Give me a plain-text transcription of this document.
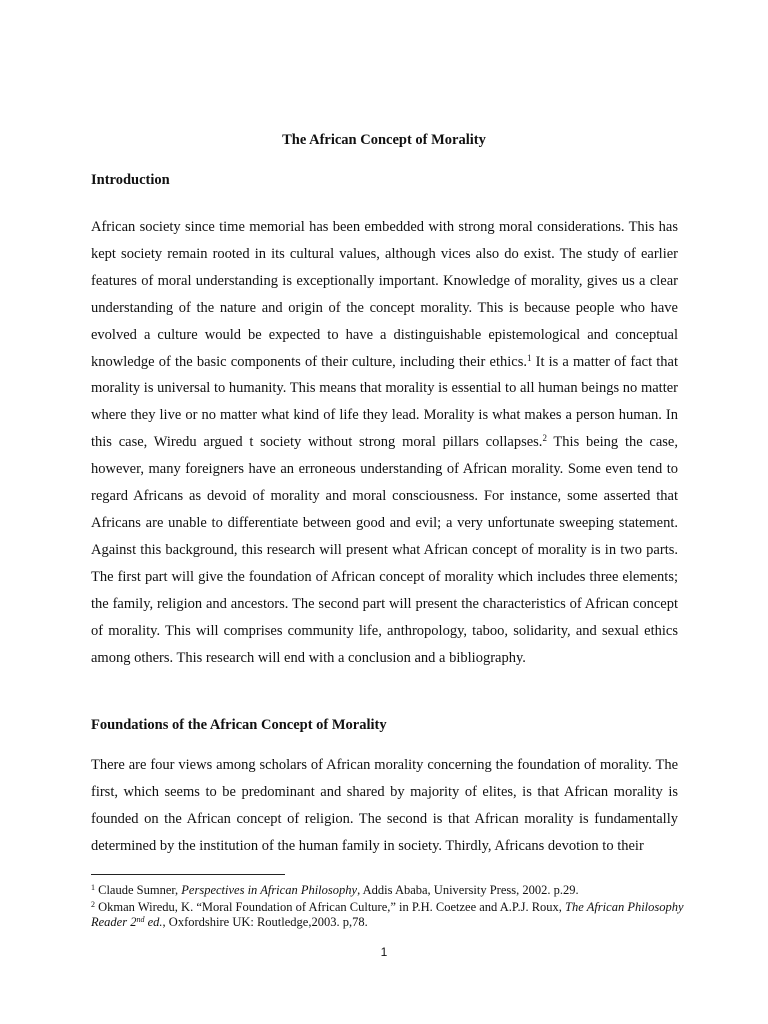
The African Concept of Morality
Introduction

African society since time memorial has been embedded with strong moral considerations. This has kept society remain rooted in its cultural values, although vices also do exist. The study of earlier features of moral understanding is exceptionally important. Knowledge of morality, gives us a clear understanding of the nature and origin of the concept morality. This is because people who have evolved a culture would be expected to have a distinguishable epistemological and conceptual knowledge of the basic components of their culture, including their ethics.$^1$ It is a matter of fact that morality is universal to humanity. This means that morality is essential to all human beings no matter where they live or no matter what kind of life they lead. Morality is what makes a person human. In this case, Wiredu argued t society without strong moral pillars collapses.$^2$ This being the case, however, many foreigners have an erroneous understanding of African morality. Some even tend to regard Africans as devoid of morality and moral consciousness. For instance, some asserted that Africans are unable to differentiate between good and evil; a very unfortunate sweeping statement. Against this background, this research will present what African concept of morality is in two parts. The first part will give the foundation of African concept of morality which includes three elements; the family, religion and ancestors. The second part will present the characteristics of African concept of morality. This will comprises community life, anthropology, taboo, solidarity, and sexual ethics among others. This research will end with a conclusion and a bibliography.

Foundations of the African Concept of Morality

There are four views among scholars of African morality concerning the foundation of morality. The first, which seems to be predominant and shared by majority of elites, is that African morality is founded on the African concept of religion. The second is that African morality is fundamentally determined by the institution of the human family in society. Thirdly, Africans devotion to their

$^1$ Claude Sumner, Perspectives in African Philosophy, Addis Ababa, University Press, 2002. p.29.

$^2$ Okman Wiredu, K. “Moral Foundation of African Culture,” in P.H. Coetzee and A.P.J. Roux, The African Philosophy Reader 2nd ed., Oxfordshire UK: Routledge,2003. p,78.

1
